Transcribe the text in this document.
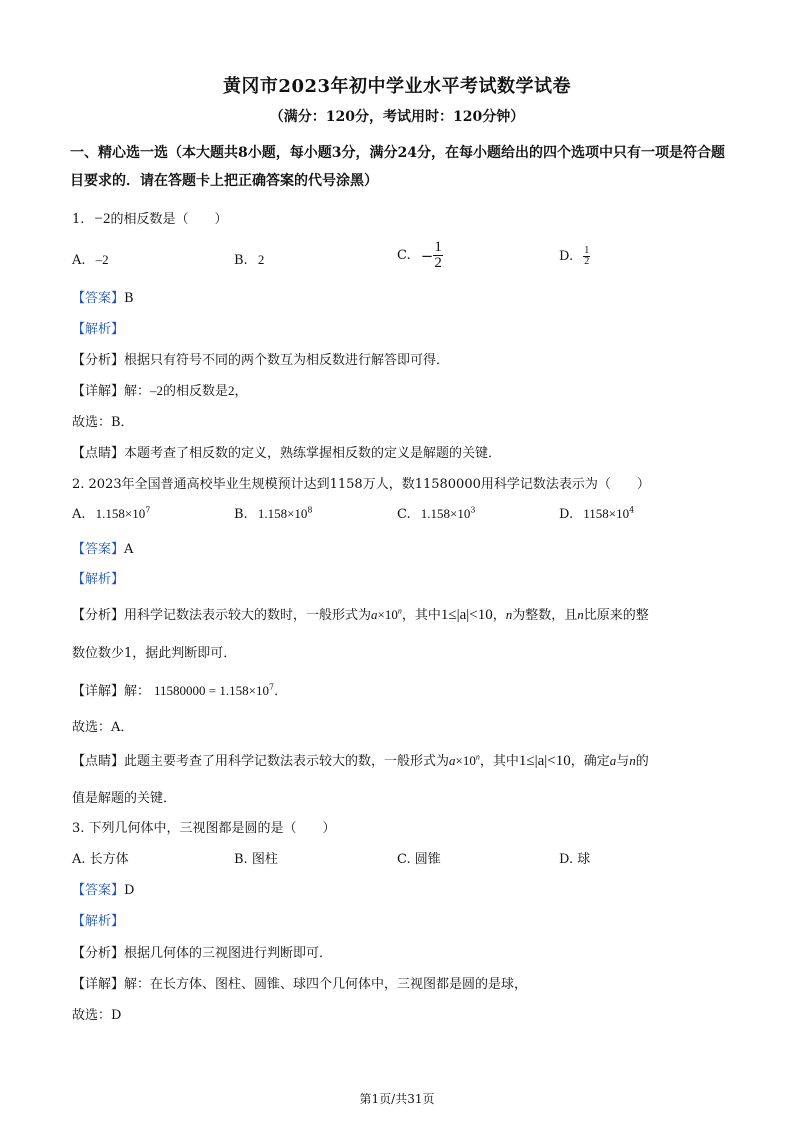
黄冈市2023年初中学业水平考试数学试卷
（满分：120分，考试用时：120分钟）
一、精心选一选（本大题共8小题，每小题3分，满分24分，在每小题给出的四个选项中只有一项是符合题目要求的．请在答题卡上把正确答案的代号涂黑）
1. −2的相反数是（　　）
A. –2	B. 2	C. − $\frac{1}{2}$	D. $\frac{1}{2}$
【答案】B
【解析】
【分析】根据只有符号不同的两个数互为相反数进行解答即可得．
【详解】解：–2的相反数是2，
故选：B．
【点睛】本题考查了相反数的定义，熟练掌握相反数的定义是解题的关键．
2. 2023年全国普通高校毕业生规模预计达到1158万人，数11580000用科学记数法表示为（　　）
A. $1.158\times 10^7$	B. $1.158\times 10^8$	C. $1.158\times 10^3$	D. $1158\times 10^4$
【答案】A
【解析】
【分析】用科学记数法表示较大的数时，一般形式为$a\times 10^n$，其中1≤|a|<10，n为整数，且n比原来的整
数位数少1，据此判断即可．
【详解】解： $11580000 = 1.158\times 10^7$．
故选：A．
【点睛】此题主要考查了用科学记数法表示较大的数，一般形式为$a\times 10^n$，其中1≤|a|<10，确定a与n的
值是解题的关键．
3. 下列几何体中，三视图都是圆的是（　　）
A. 长方体	B. 图柱	C. 圆锥	D. 球
【答案】D
【解析】
【分析】根据几何体的三视图进行判断即可．
【详解】解：在长方体、图柱、圆锥、球四个几何体中，三视图都是圆的是球，
故选：D
第1页/共31页
